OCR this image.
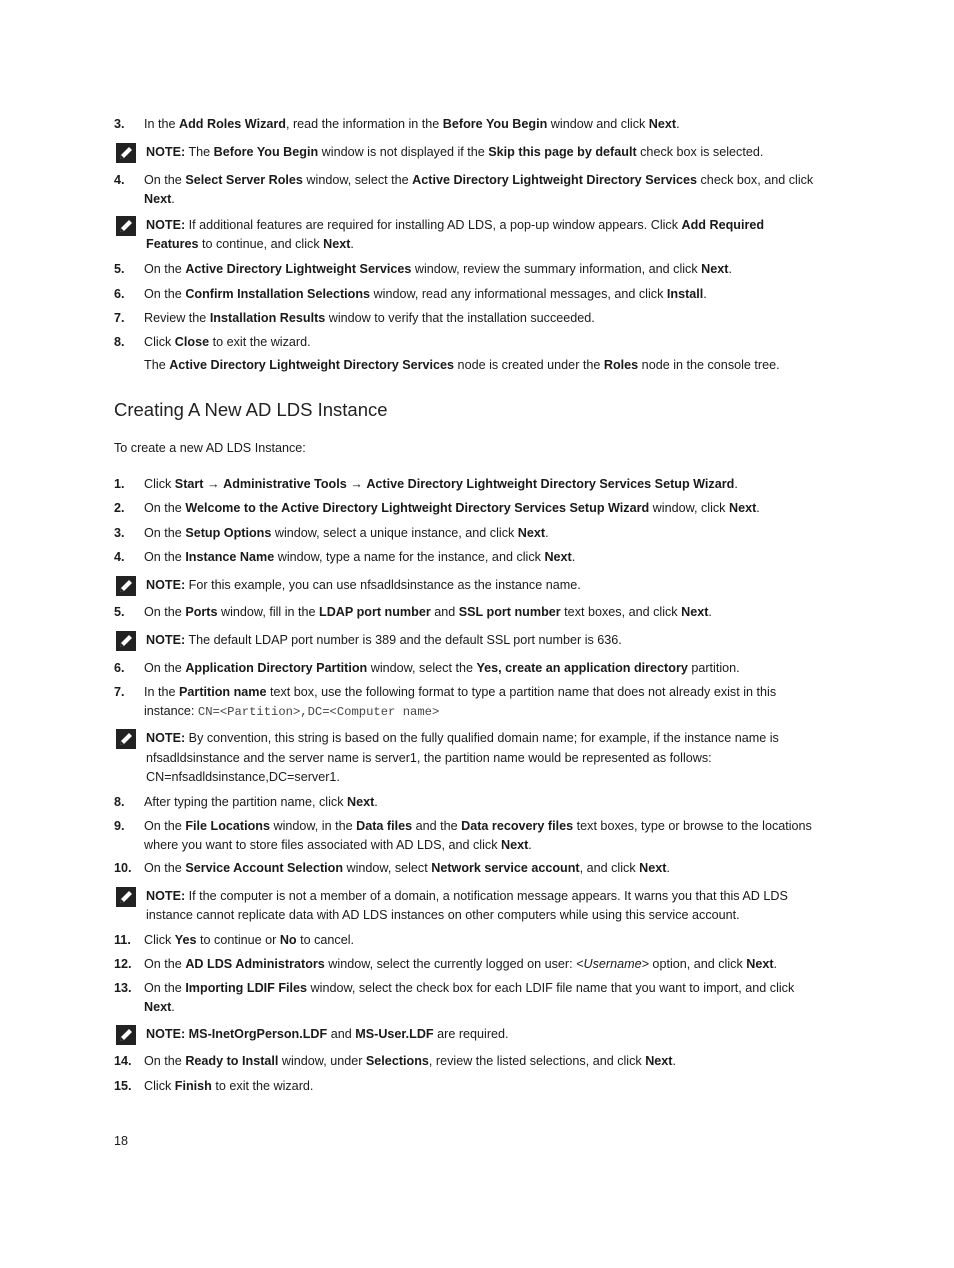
3. In the Add Roles Wizard, read the information in the Before You Begin window and click Next.
NOTE: The Before You Begin window is not displayed if the Skip this page by default check box is selected.
4. On the Select Server Roles window, select the Active Directory Lightweight Directory Services check box, and click Next.
NOTE: If additional features are required for installing AD LDS, a pop-up window appears. Click Add Required Features to continue, and click Next.
5. On the Active Directory Lightweight Services window, review the summary information, and click Next.
6. On the Confirm Installation Selections window, read any informational messages, and click Install.
7. Review the Installation Results window to verify that the installation succeeded.
8. Click Close to exit the wizard.
The Active Directory Lightweight Directory Services node is created under the Roles node in the console tree.
Creating A New AD LDS Instance
To create a new AD LDS Instance:
1. Click Start → Administrative Tools → Active Directory Lightweight Directory Services Setup Wizard.
2. On the Welcome to the Active Directory Lightweight Directory Services Setup Wizard window, click Next.
3. On the Setup Options window, select a unique instance, and click Next.
4. On the Instance Name window, type a name for the instance, and click Next.
NOTE: For this example, you can use nfsadldsinstance as the instance name.
5. On the Ports window, fill in the LDAP port number and SSL port number text boxes, and click Next.
NOTE: The default LDAP port number is 389 and the default SSL port number is 636.
6. On the Application Directory Partition window, select the Yes, create an application directory partition.
7. In the Partition name text box, use the following format to type a partition name that does not already exist in this instance: CN=<Partition>,DC=<Computer name>
NOTE: By convention, this string is based on the fully qualified domain name; for example, if the instance name is nfsadldsinstance and the server name is server1, the partition name would be represented as follows: CN=nfsadldsinstance,DC=server1.
8. After typing the partition name, click Next.
9. On the File Locations window, in the Data files and the Data recovery files text boxes, type or browse to the locations where you want to store files associated with AD LDS, and click Next.
10. On the Service Account Selection window, select Network service account, and click Next.
NOTE: If the computer is not a member of a domain, a notification message appears. It warns you that this AD LDS instance cannot replicate data with AD LDS instances on other computers while using this service account.
11. Click Yes to continue or No to cancel.
12. On the AD LDS Administrators window, select the currently logged on user: <Username> option, and click Next.
13. On the Importing LDIF Files window, select the check box for each LDIF file name that you want to import, and click Next.
NOTE: MS-InetOrgPerson.LDF and MS-User.LDF are required.
14. On the Ready to Install window, under Selections, review the listed selections, and click Next.
15. Click Finish to exit the wizard.
18
